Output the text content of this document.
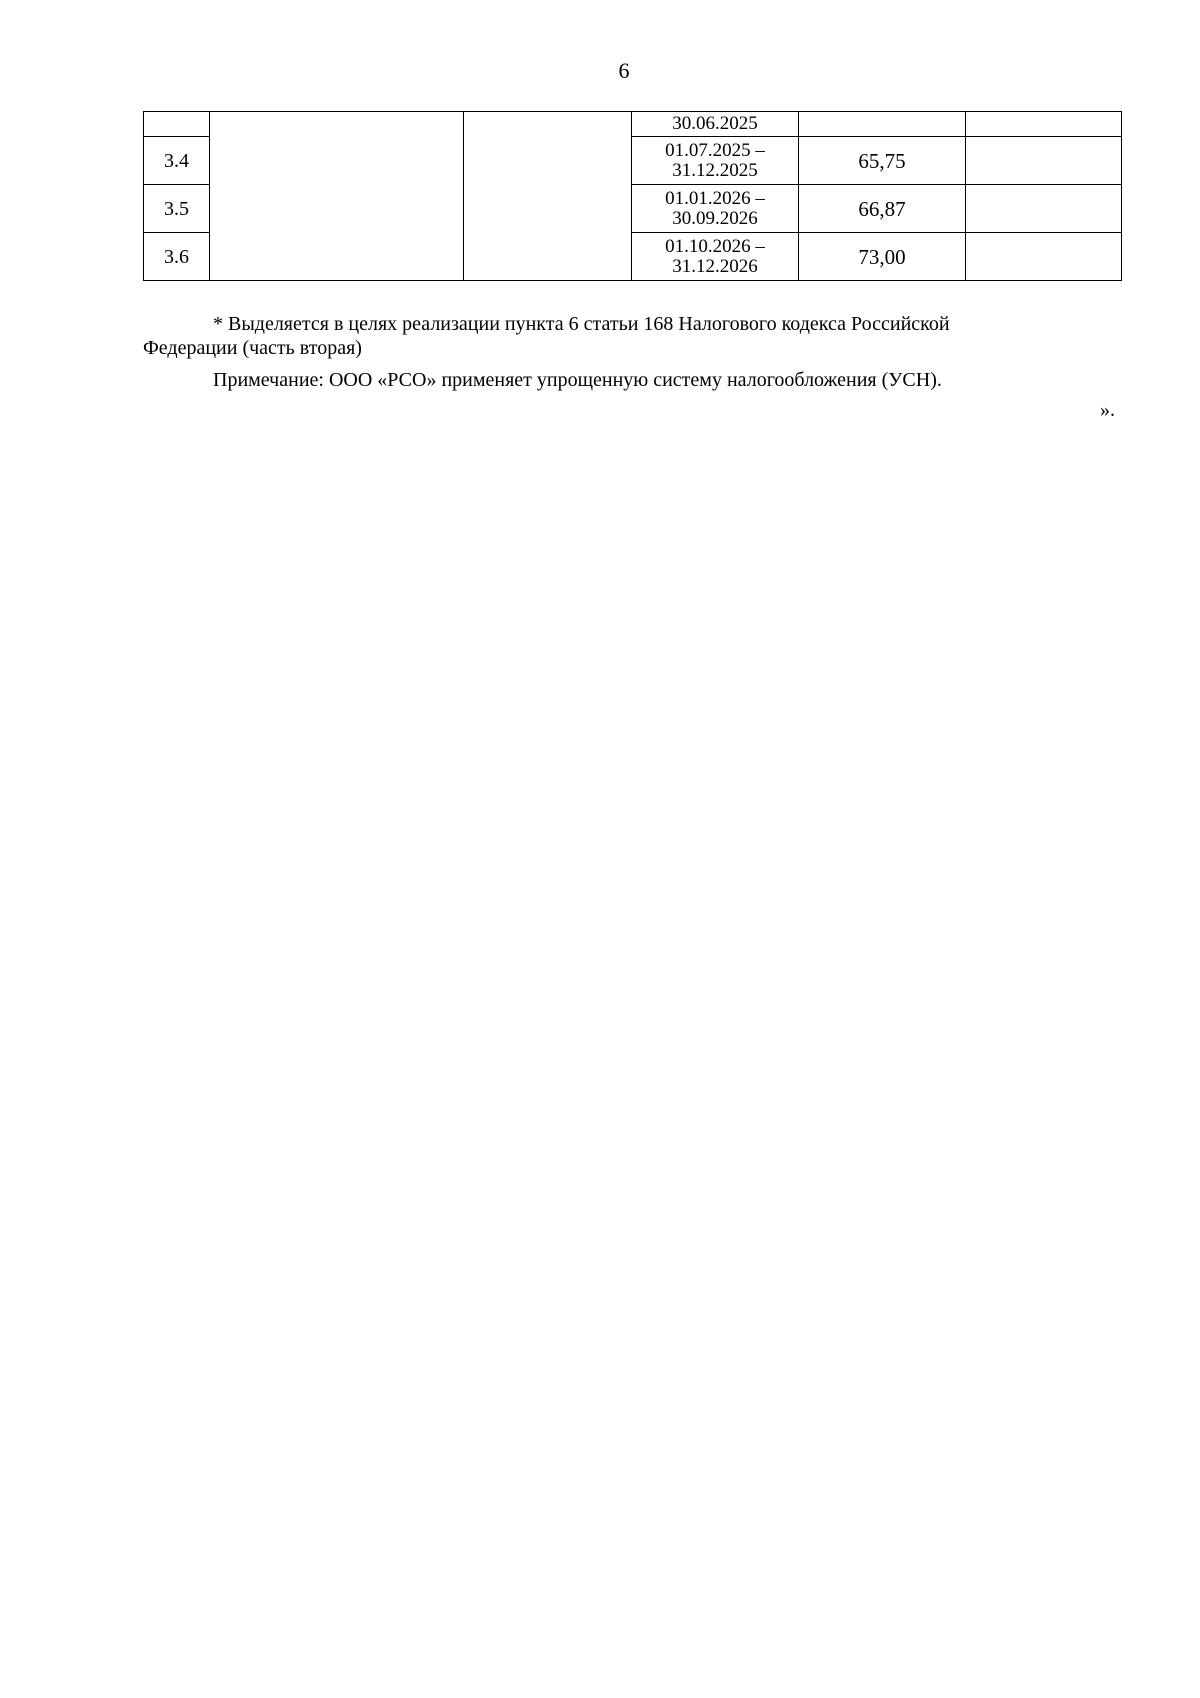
6
			30.06.2025		
3.4			01.07.2025 –
31.12.2025	65,75	
3.5			01.01.2026 –
30.09.2026	66,87	
3.6			01.10.2026 –
31.12.2026	73,00	

* Выделяется в целях реализации пункта 6 статьи 168 Налогового кодекса Российской

Федерации (часть вторая)

Примечание: ООО «РСО» применяет упрощенную систему налогообложения (УСН).
».
